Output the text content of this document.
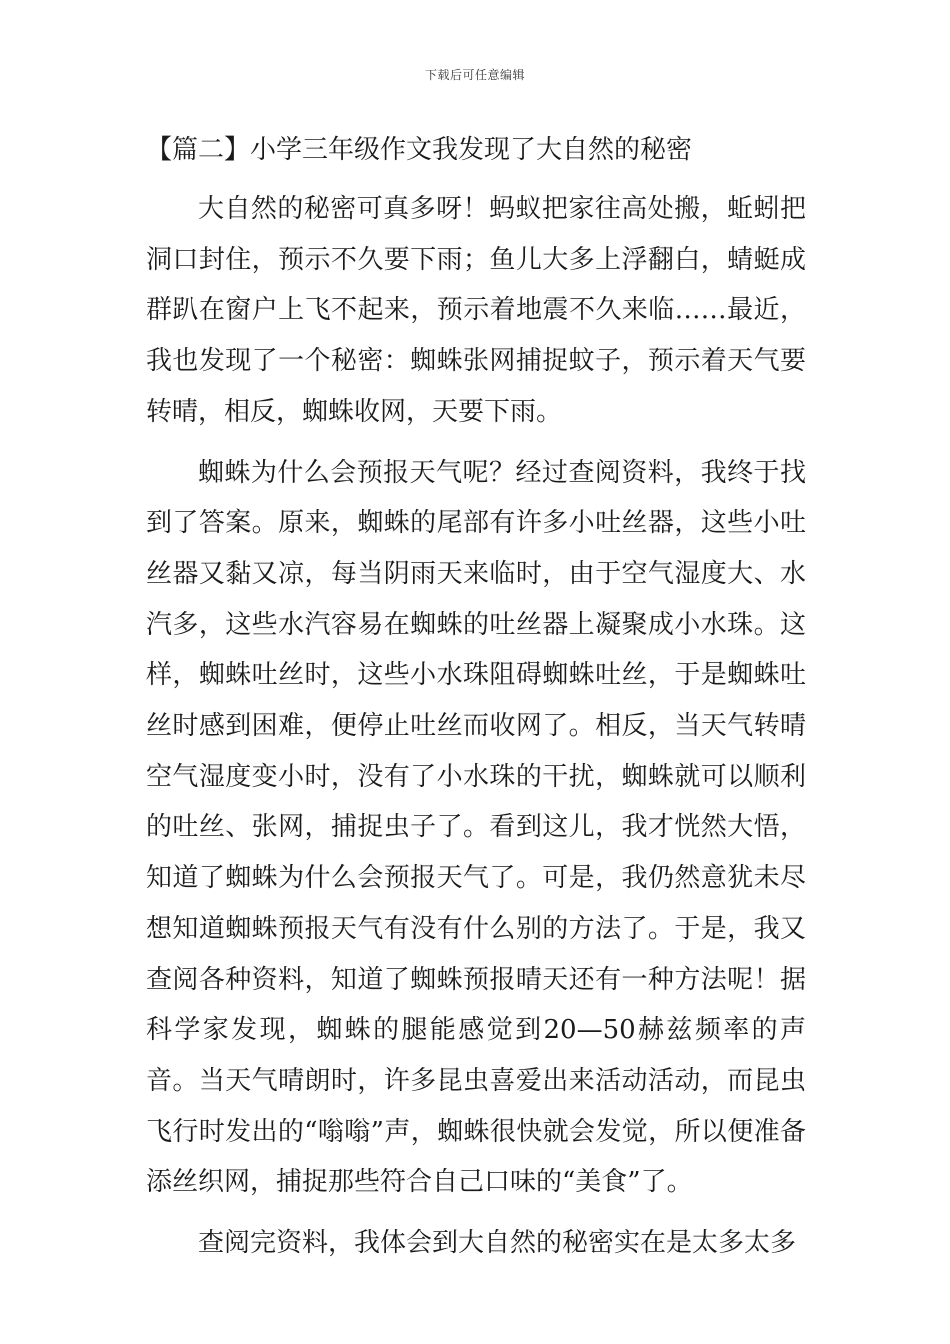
下载后可任意编辑
【篇二】小学三年级作文我发现了大自然的秘密

大自然的秘密可真多呀！蚂蚁把家往高处搬，蚯蚓把洞口封住，预示不久要下雨；鱼儿大多上浮翻白，蜻蜓成群趴在窗户上飞不起来，预示着地震不久来临……最近，我也发现了一个秘密：蜘蛛张网捕捉蚊子，预示着天气要转晴，相反，蜘蛛收网，天要下雨。

蜘蛛为什么会预报天气呢？经过查阅资料，我终于找到了答案。原来，蜘蛛的尾部有许多小吐丝器，这些小吐丝器又黏又凉，每当阴雨天来临时，由于空气湿度大、水汽多，这些水汽容易在蜘蛛的吐丝器上凝聚成小水珠。这样，蜘蛛吐丝时，这些小水珠阻碍蜘蛛吐丝，于是蜘蛛吐丝时感到困难，便停止吐丝而收网了。相反，当天气转晴空气湿度变小时，没有了小水珠的干扰，蜘蛛就可以顺利的吐丝、张网，捕捉虫子了。看到这儿，我才恍然大悟，知道了蜘蛛为什么会预报天气了。可是，我仍然意犹未尽想知道蜘蛛预报天气有没有什么别的方法了。于是，我又查阅各种资料，知道了蜘蛛预报晴天还有一种方法呢！据科学家发现，蜘蛛的腿能感觉到20—50赫兹频率的声音。当天气晴朗时，许多昆虫喜爱出来活动活动，而昆虫飞行时发出的“嗡嗡”声，蜘蛛很快就会发觉，所以便准备添丝织网，捕捉那些符合自己口味的“美食”了。

查阅完资料，我体会到大自然的秘密实在是太多太多
